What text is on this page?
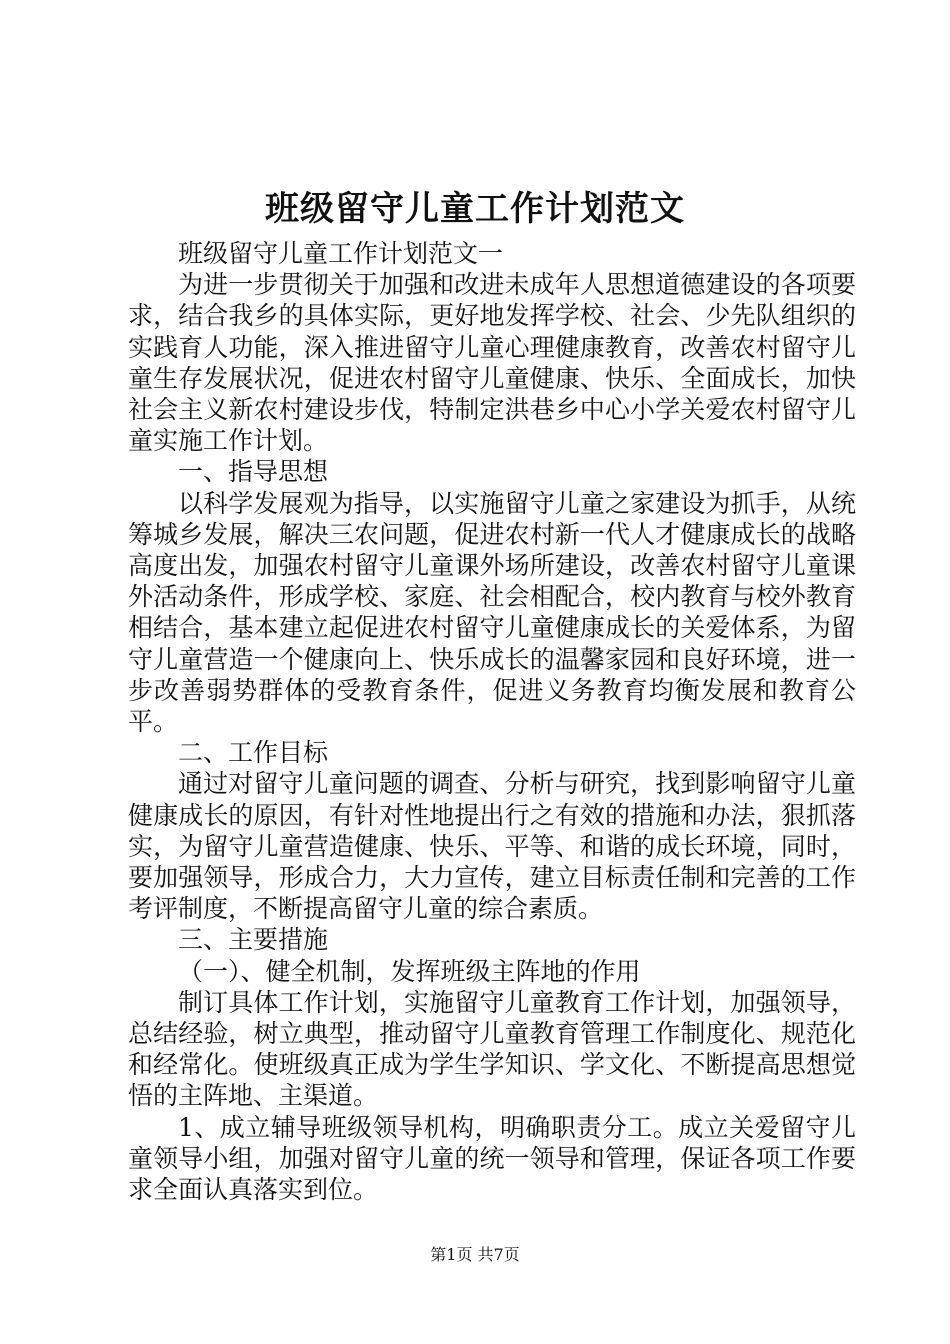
班级留守儿童工作计划范文

班级留守儿童工作计划范文一

为进一步贯彻关于加强和改进未成年人思想道德建设的各项要求，结合我乡的具体实际，更好地发挥学校、社会、少先队组织的实践育人功能，深入推进留守儿童心理健康教育，改善农村留守儿童生存发展状况，促进农村留守儿童健康、快乐、全面成长，加快社会主义新农村建设步伐，特制定洪巷乡中心小学关爱农村留守儿童实施工作计划。

一、指导思想

以科学发展观为指导，以实施留守儿童之家建设为抓手，从统筹城乡发展，解决三农问题，促进农村新一代人才健康成长的战略高度出发，加强农村留守儿童课外场所建设，改善农村留守儿童课外活动条件，形成学校、家庭、社会相配合，校内教育与校外教育相结合，基本建立起促进农村留守儿童健康成长的关爱体系，为留守儿童营造一个健康向上、快乐成长的温馨家园和良好环境，进一步改善弱势群体的受教育条件，促进义务教育均衡发展和教育公平。

二、工作目标

通过对留守儿童问题的调查、分析与研究，找到影响留守儿童健康成长的原因，有针对性地提出行之有效的措施和办法，狠抓落实，为留守儿童营造健康、快乐、平等、和谐的成长环境，同时，要加强领导，形成合力，大力宣传，建立目标责任制和完善的工作考评制度，不断提高留守儿童的综合素质。

三、主要措施

（一）、健全机制，发挥班级主阵地的作用

制订具体工作计划，实施留守儿童教育工作计划，加强领导，总结经验，树立典型，推动留守儿童教育管理工作制度化、规范化和经常化。使班级真正成为学生学知识、学文化、不断提高思想觉悟的主阵地、主渠道。

1、成立辅导班级领导机构，明确职责分工。成立关爱留守儿童领导小组，加强对留守儿童的统一领导和管理，保证各项工作要求全面认真落实到位。

第1页 共7页
